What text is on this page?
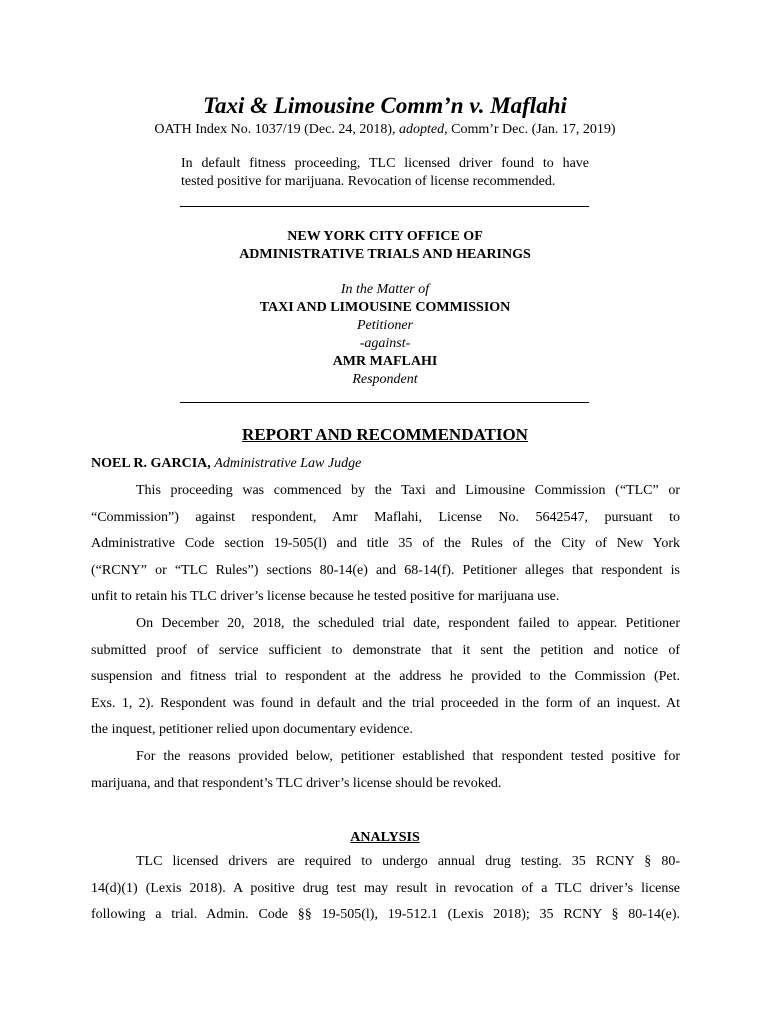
Taxi & Limousine Comm’n v. Maflahi
OATH Index No. 1037/19 (Dec. 24, 2018), adopted, Comm’r Dec. (Jan. 17, 2019)
In default fitness proceeding, TLC licensed driver found to have
tested positive for marijuana. Revocation of license recommended.
NEW YORK CITY OFFICE OF
ADMINISTRATIVE TRIALS AND HEARINGS
In the Matter of
TAXI AND LIMOUSINE COMMISSION
Petitioner
-against-
AMR MAFLAHI
Respondent
REPORT AND RECOMMENDATION
NOEL R. GARCIA, Administrative Law Judge
This proceeding was commenced by the Taxi and Limousine Commission (“TLC” or
“Commission”) against respondent, Amr Maflahi, License No. 5642547, pursuant to
Administrative Code section 19-505(l) and title 35 of the Rules of the City of New York
(“RCNY” or “TLC Rules”) sections 80-14(e) and 68-14(f). Petitioner alleges that respondent is
unfit to retain his TLC driver’s license because he tested positive for marijuana use.
On December 20, 2018, the scheduled trial date, respondent failed to appear. Petitioner
submitted proof of service sufficient to demonstrate that it sent the petition and notice of
suspension and fitness trial to respondent at the address he provided to the Commission (Pet.
Exs. 1, 2). Respondent was found in default and the trial proceeded in the form of an inquest. At
the inquest, petitioner relied upon documentary evidence.
For the reasons provided below, petitioner established that respondent tested positive for
marijuana, and that respondent’s TLC driver’s license should be revoked.
ANALYSIS
TLC licensed drivers are required to undergo annual drug testing. 35 RCNY § 80-
14(d)(1) (Lexis 2018). A positive drug test may result in revocation of a TLC driver’s license
following a trial. Admin. Code §§ 19-505(l), 19-512.1 (Lexis 2018); 35 RCNY § 80-14(e).
